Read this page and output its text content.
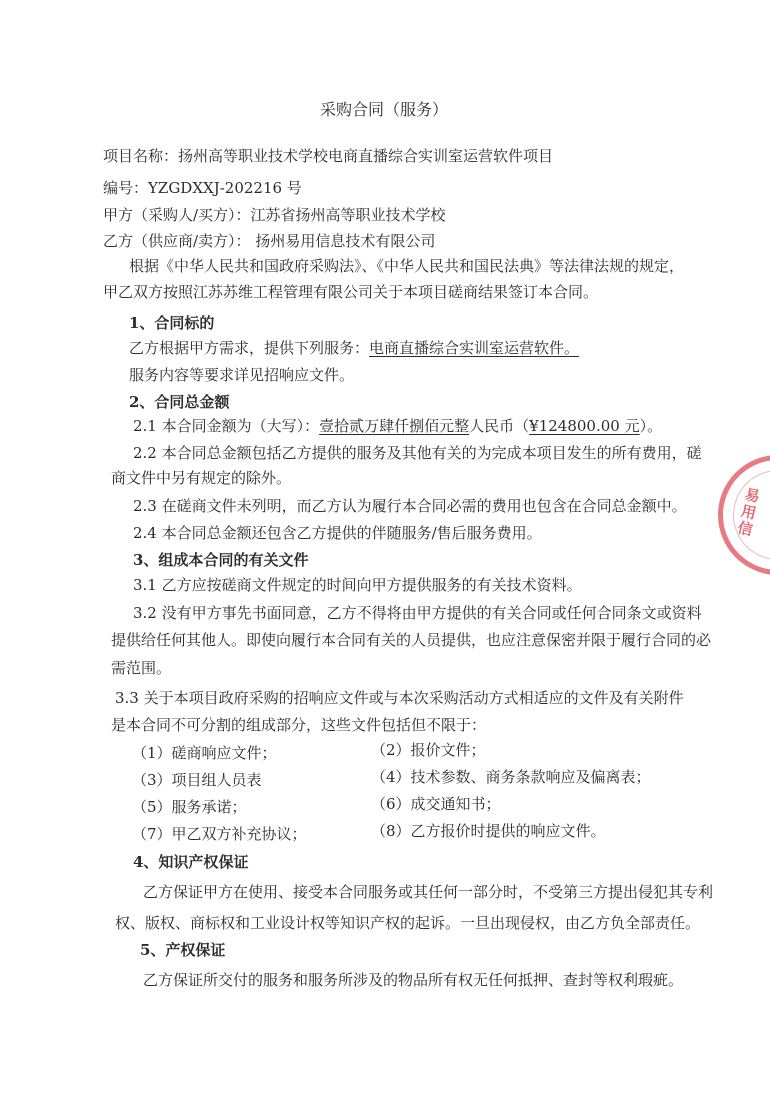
采购合同（服务）
项目名称：扬州高等职业技术学校电商直播综合实训室运营软件项目
编号：YZGDXXJ-202216 号
甲方（采购人/买方）：江苏省扬州高等职业技术学校
乙方（供应商/卖方）： 扬州易用信息技术有限公司
根据《中华人民共和国政府采购法》、《中华人民共和国民法典》等法律法规的规定，
甲乙双方按照江苏苏维工程管理有限公司关于本项目磋商结果签订本合同。
1、合同标的
乙方根据甲方需求，提供下列服务：电商直播综合实训室运营软件。
服务内容等要求详见招响应文件。
2、合同总金额
2.1 本合同金额为（大写）：壹拾贰万肆仟捌佰元整人民币（¥124800.00 元）。
2.2 本合同总金额包括乙方提供的服务及其他有关的为完成本项目发生的所有费用，磋
商文件中另有规定的除外。
2.3 在磋商文件未列明，而乙方认为履行本合同必需的费用也包含在合同总金额中。
2.4 本合同总金额还包含乙方提供的伴随服务/售后服务费用。
3、组成本合同的有关文件
3.1 乙方应按磋商文件规定的时间向甲方提供服务的有关技术资料。
3.2 没有甲方事先书面同意，乙方不得将由甲方提供的有关合同或任何合同条文或资料
提供给任何其他人。即使向履行本合同有关的人员提供，也应注意保密并限于履行合同的必
需范围。
3.3 关于本项目政府采购的招响应文件或与本次采购活动方式相适应的文件及有关附件
是本合同不可分割的组成部分，这些文件包括但不限于：
（1）磋商响应文件；	（2）报价文件；
（3）项目组人员表	（4）技术参数、商务条款响应及偏离表；
（5）服务承诺；	（6）成交通知书；
（7）甲乙双方补充协议；	（8）乙方报价时提供的响应文件。
4、知识产权保证
乙方保证甲方在使用、接受本合同服务或其任何一部分时，不受第三方提出侵犯其专利
权、版权、商标权和工业设计权等知识产权的起诉。一旦出现侵权，由乙方负全部责任。
5、产权保证
乙方保证所交付的服务和服务所涉及的物品所有权无任何抵押、查封等权利瑕疵。
易用信
